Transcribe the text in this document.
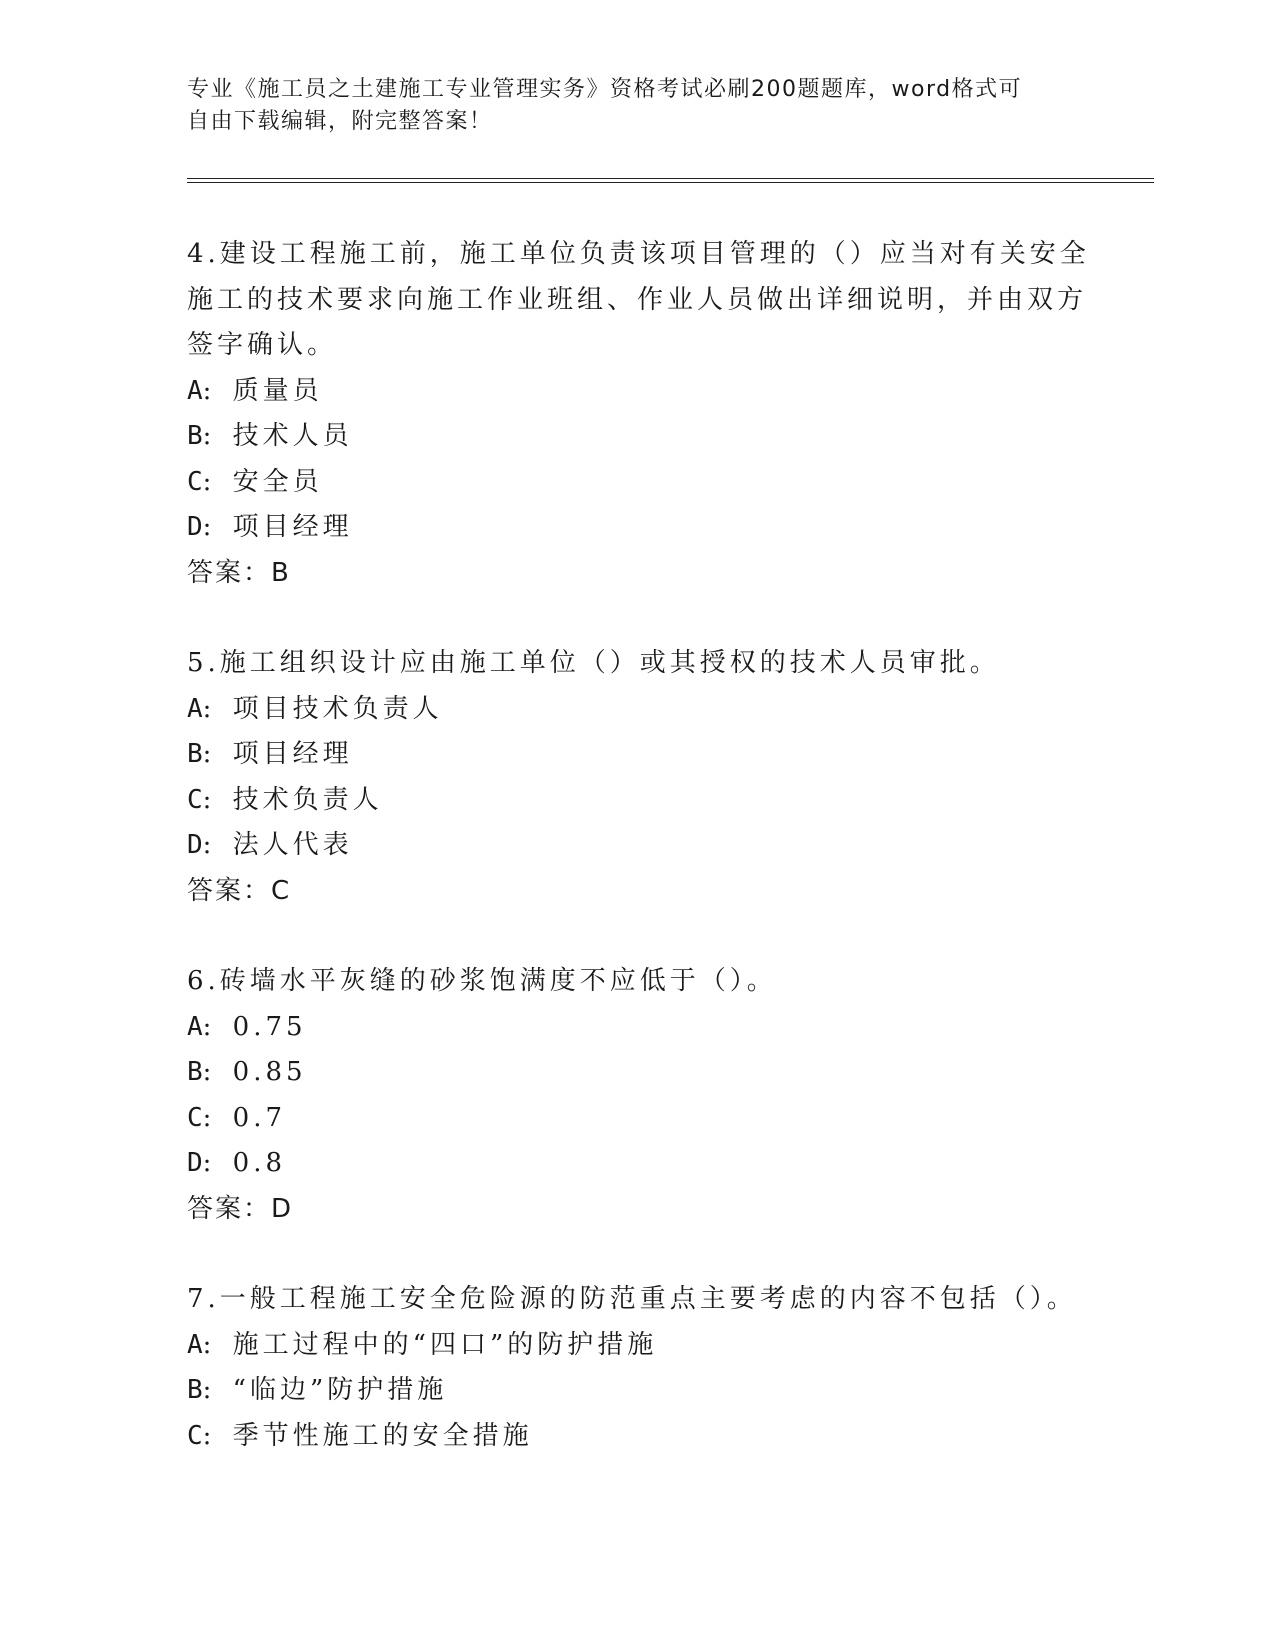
专业《施工员之土建施工专业管理实务》资格考试必刷200题题库，word格式可
自由下载编辑，附完整答案！
4.建设工程施工前，施工单位负责该项目管理的（）应当对有关安全
施工的技术要求向施工作业班组、作业人员做出详细说明，并由双方
签字确认。
A: 质量员
B: 技术人员
C: 安全员
D: 项目经理
答案：B
5.施工组织设计应由施工单位（）或其授权的技术人员审批。
A: 项目技术负责人
B: 项目经理
C: 技术负责人
D: 法人代表
答案：C
6.砖墙水平灰缝的砂浆饱满度不应低于（）。
A: 0.75
B: 0.85
C: 0.7
D: 0.8
答案：D
7.一般工程施工安全危险源的防范重点主要考虑的内容不包括（）。
A: 施工过程中的“四口”的防护措施
B: “临边”防护措施
C: 季节性施工的安全措施
